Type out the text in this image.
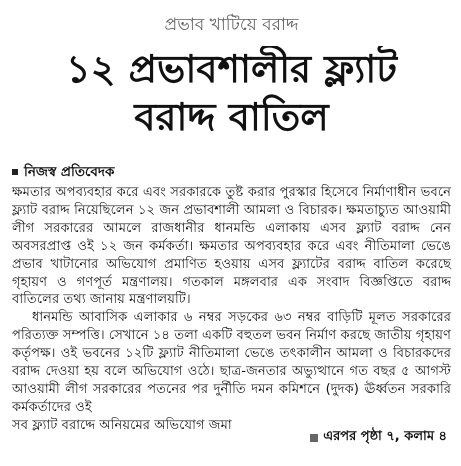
প্রভাব খাটিয়ে বরাদ্দ
১২ প্রভাবশালীর ফ্ল্যাট
বরাদ্দ বাতিল
নিজস্ব প্রতিবেদক

ক্ষমতার অপব্যবহার করে এবং সরকারকে তুষ্ট করার পুরস্কার হিসেবে নির্মাণাধীন ভবনে ফ্ল্যাট বরাদ্দ নিয়েছিলেন ১২ জন প্রভাবশালী আমলা ও বিচারক। ক্ষমতাচ্যুত আওয়ামী লীগ সরকারের আমলে রাজধানীর ধানমন্ডি এলাকায় এসব ফ্ল্যাট বরাদ্দ নেন অবসরপ্রাপ্ত ওই ১২ জন কর্মকর্তা। ক্ষমতার অপব্যবহার করে এবং নীতিমালা ভেঙে প্রভাব খাটানোর অভিযোগ প্রমাণিত হওয়ায় এসব ফ্ল্যাটের বরাদ্দ বাতিল করেছে গৃহায়ণ ও গণপূর্ত মন্ত্রণালয়। গতকাল মঙ্গলবার এক সংবাদ বিজ্ঞপ্তিতে বরাদ্দ বাতিলের তথ্য জানায় মন্ত্রণালয়টি।

ধানমন্ডি আবাসিক এলাকার ৬ নম্বর সড়কের ৬৩ নম্বর বাড়িটি মূলত সরকারের পরিত্যক্ত সম্পত্তি। সেখানে ১৪ তলা একটি বহুতল ভবন নির্মাণ করছে জাতীয় গৃহায়ণ কর্তৃপক্ষ। ওই ভবনের ১২টি ফ্ল্যাট নীতিমালা ভেঙে তৎকালীন আমলা ও বিচারকদের বরাদ্দ দেওয়া হয় বলে অভিযোগ ওঠে। ছাত্র-জনতার অভ্যুত্থানে গত বছর ৫ আগস্ট আওয়ামী লীগ সরকারের পতনের পর দুর্নীতি দমন কমিশনে (দুদক) ঊর্ধ্বতন সরকারি কর্মকর্তাদের ওই

সব ফ্ল্যাট বরাদ্দে অনিয়মের অভিযোগ জমা

এরপর পৃষ্ঠা ৭, কলাম ৪
